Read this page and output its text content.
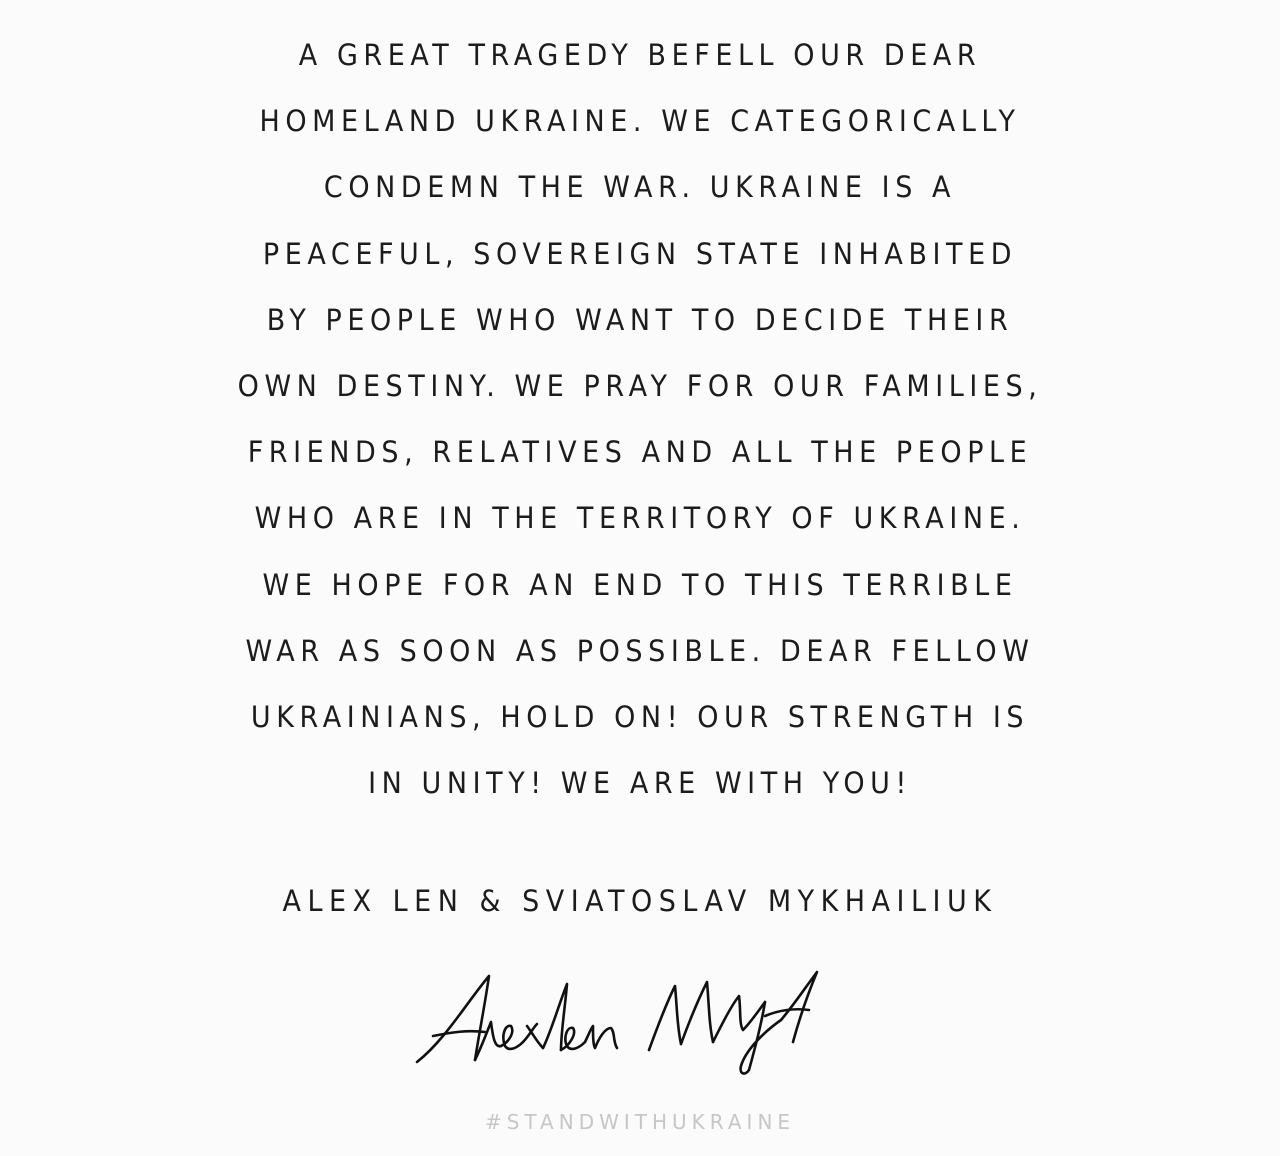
A GREAT TRAGEDY BEFELL OUR DEAR
HOMELAND UKRAINE. WE CATEGORICALLY
CONDEMN THE WAR. UKRAINE IS A
PEACEFUL, SOVEREIGN STATE INHABITED
BY PEOPLE WHO WANT TO DECIDE THEIR
OWN DESTINY. WE PRAY FOR OUR FAMILIES,
FRIENDS, RELATIVES AND ALL THE PEOPLE
WHO ARE IN THE TERRITORY OF UKRAINE.
WE HOPE FOR AN END TO THIS TERRIBLE
WAR AS SOON AS POSSIBLE. DEAR FELLOW
UKRAINIANS, HOLD ON! OUR STRENGTH IS
IN UNITY! WE ARE WITH YOU!
ALEX LEN & SVIATOSLAV MYKHAILIUK
#STANDWITHUKRAINE
